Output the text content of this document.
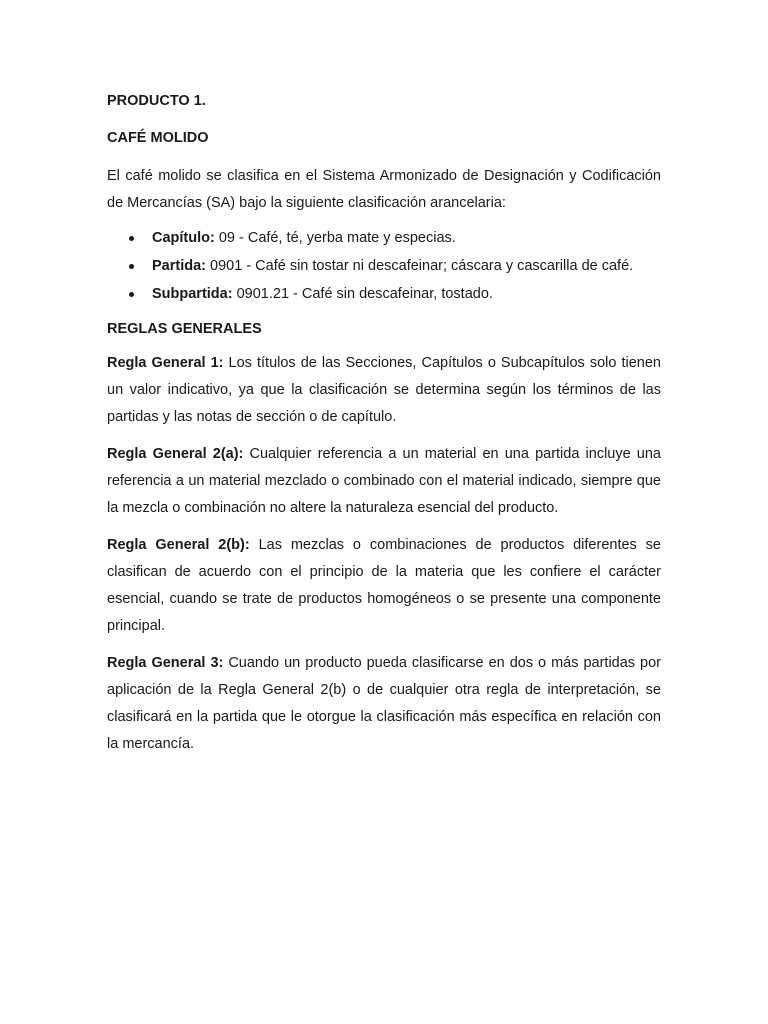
PRODUCTO 1.

CAFÉ MOLIDO

El café molido se clasifica en el Sistema Armonizado de Designación y Codificación de Mercancías (SA) bajo la siguiente clasificación arancelaria:

Capítulo: 09 - Café, té, yerba mate y especias.
Partida: 0901 - Café sin tostar ni descafeinar; cáscara y cascarilla de café.
Subpartida: 0901.21 - Café sin descafeinar, tostado.

REGLAS GENERALES

Regla General 1: Los títulos de las Secciones, Capítulos o Subcapítulos solo tienen un valor indicativo, ya que la clasificación se determina según los términos de las partidas y las notas de sección o de capítulo.

Regla General 2(a): Cualquier referencia a un material en una partida incluye una referencia a un material mezclado o combinado con el material indicado, siempre que la mezcla o combinación no altere la naturaleza esencial del producto.

Regla General 2(b): Las mezclas o combinaciones de productos diferentes se clasifican de acuerdo con el principio de la materia que les confiere el carácter esencial, cuando se trate de productos homogéneos o se presente una componente principal.

Regla General 3: Cuando un producto pueda clasificarse en dos o más partidas por aplicación de la Regla General 2(b) o de cualquier otra regla de interpretación, se clasificará en la partida que le otorgue la clasificación más específica en relación con la mercancía.
